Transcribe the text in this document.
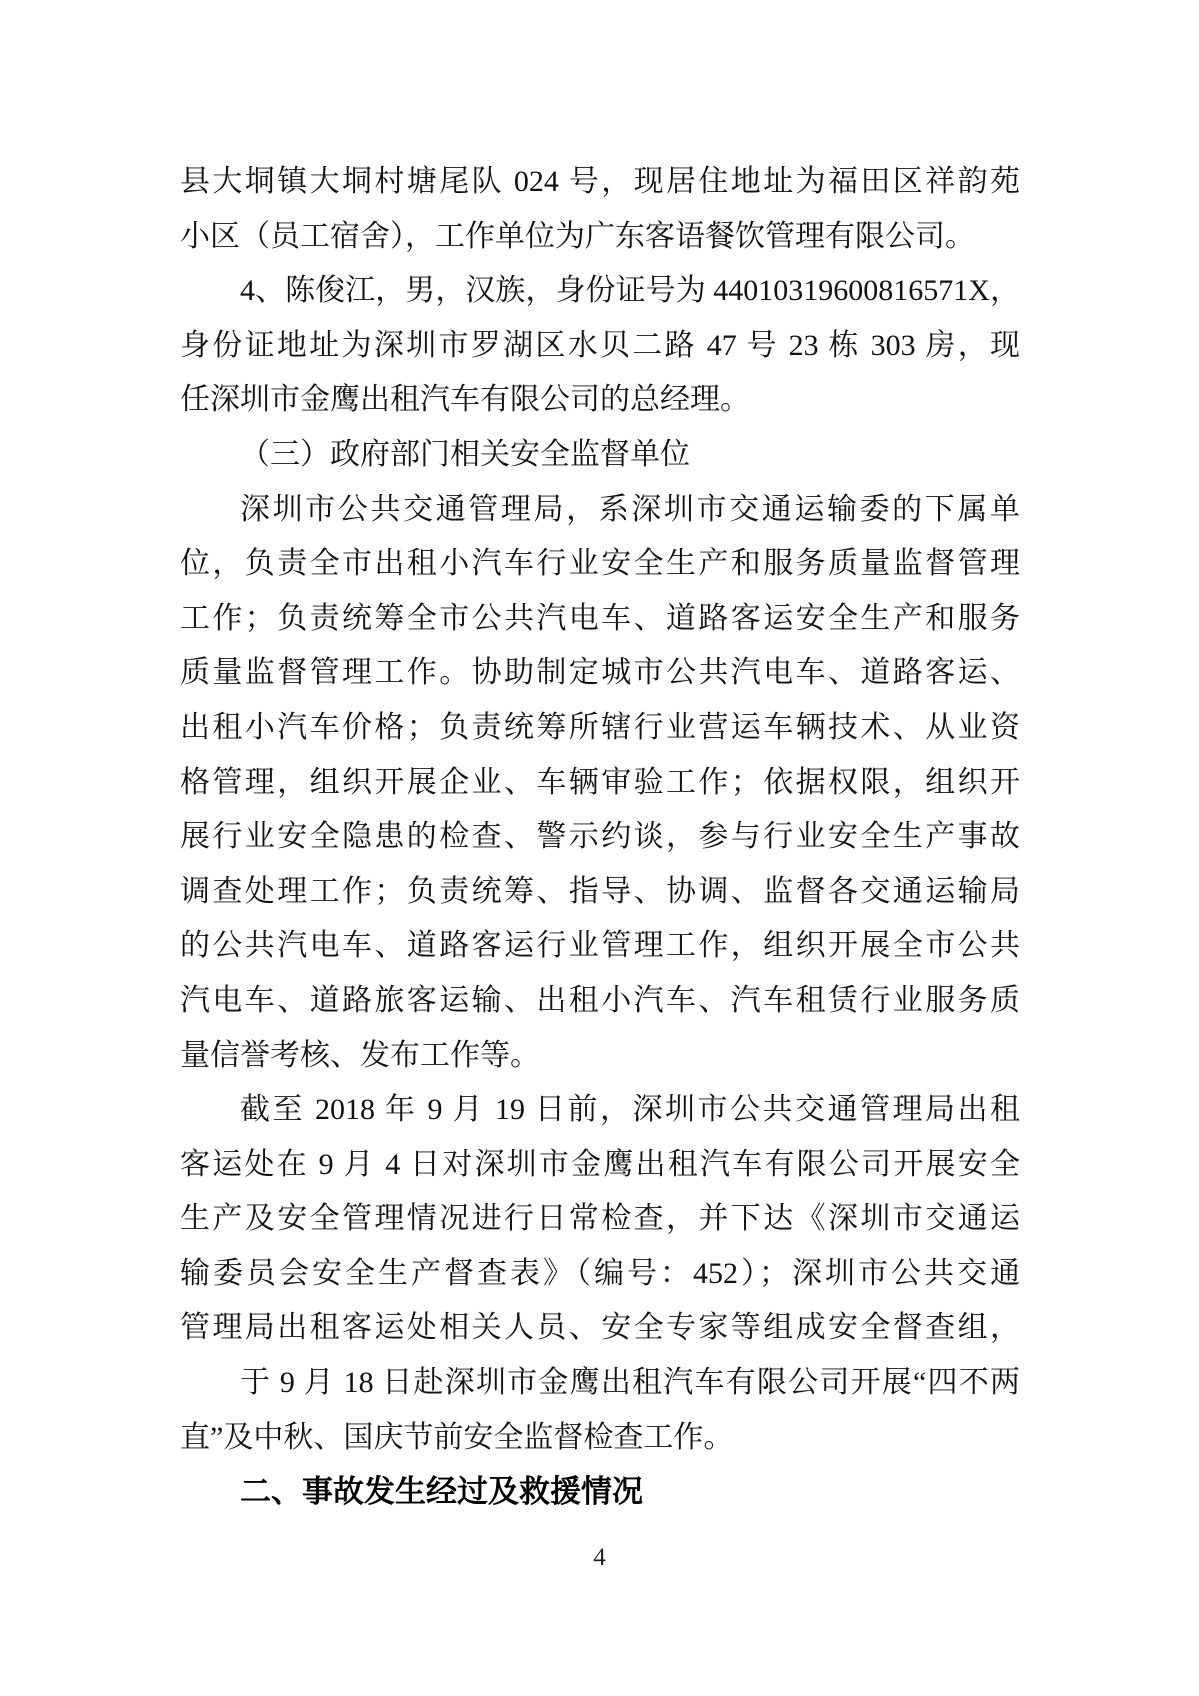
县大垌镇大垌村塘尾队 024 号，现居住地址为福田区祥韵苑
小区（员工宿舍），工作单位为广东客语餐饮管理有限公司。
4、陈俊江，男，汉族，身份证号为 44010319600816571X，
身份证地址为深圳市罗湖区水贝二路 47 号 23 栋 303 房，现
任深圳市金鹰出租汽车有限公司的总经理。
（三）政府部门相关安全监督单位
深圳市公共交通管理局，系深圳市交通运输委的下属单
位，负责全市出租小汽车行业安全生产和服务质量监督管理
工作；负责统筹全市公共汽电车、道路客运安全生产和服务
质量监督管理工作。协助制定城市公共汽电车、道路客运、
出租小汽车价格；负责统筹所辖行业营运车辆技术、从业资
格管理，组织开展企业、车辆审验工作；依据权限，组织开
展行业安全隐患的检查、警示约谈，参与行业安全生产事故
调查处理工作；负责统筹、指导、协调、监督各交通运输局
的公共汽电车、道路客运行业管理工作，组织开展全市公共
汽电车、道路旅客运输、出租小汽车、汽车租赁行业服务质
量信誉考核、发布工作等。
截至 2018 年 9 月 19 日前，深圳市公共交通管理局出租
客运处在 9 月 4 日对深圳市金鹰出租汽车有限公司开展安全
生产及安全管理情况进行日常检查，并下达《深圳市交通运
输委员会安全生产督查表》（编号：452）；深圳市公共交通
管理局出租客运处相关人员、安全专家等组成安全督查组，
于 9 月 18 日赴深圳市金鹰出租汽车有限公司开展“四不两
直”及中秋、国庆节前安全监督检查工作。
二、事故发生经过及救援情况
4
